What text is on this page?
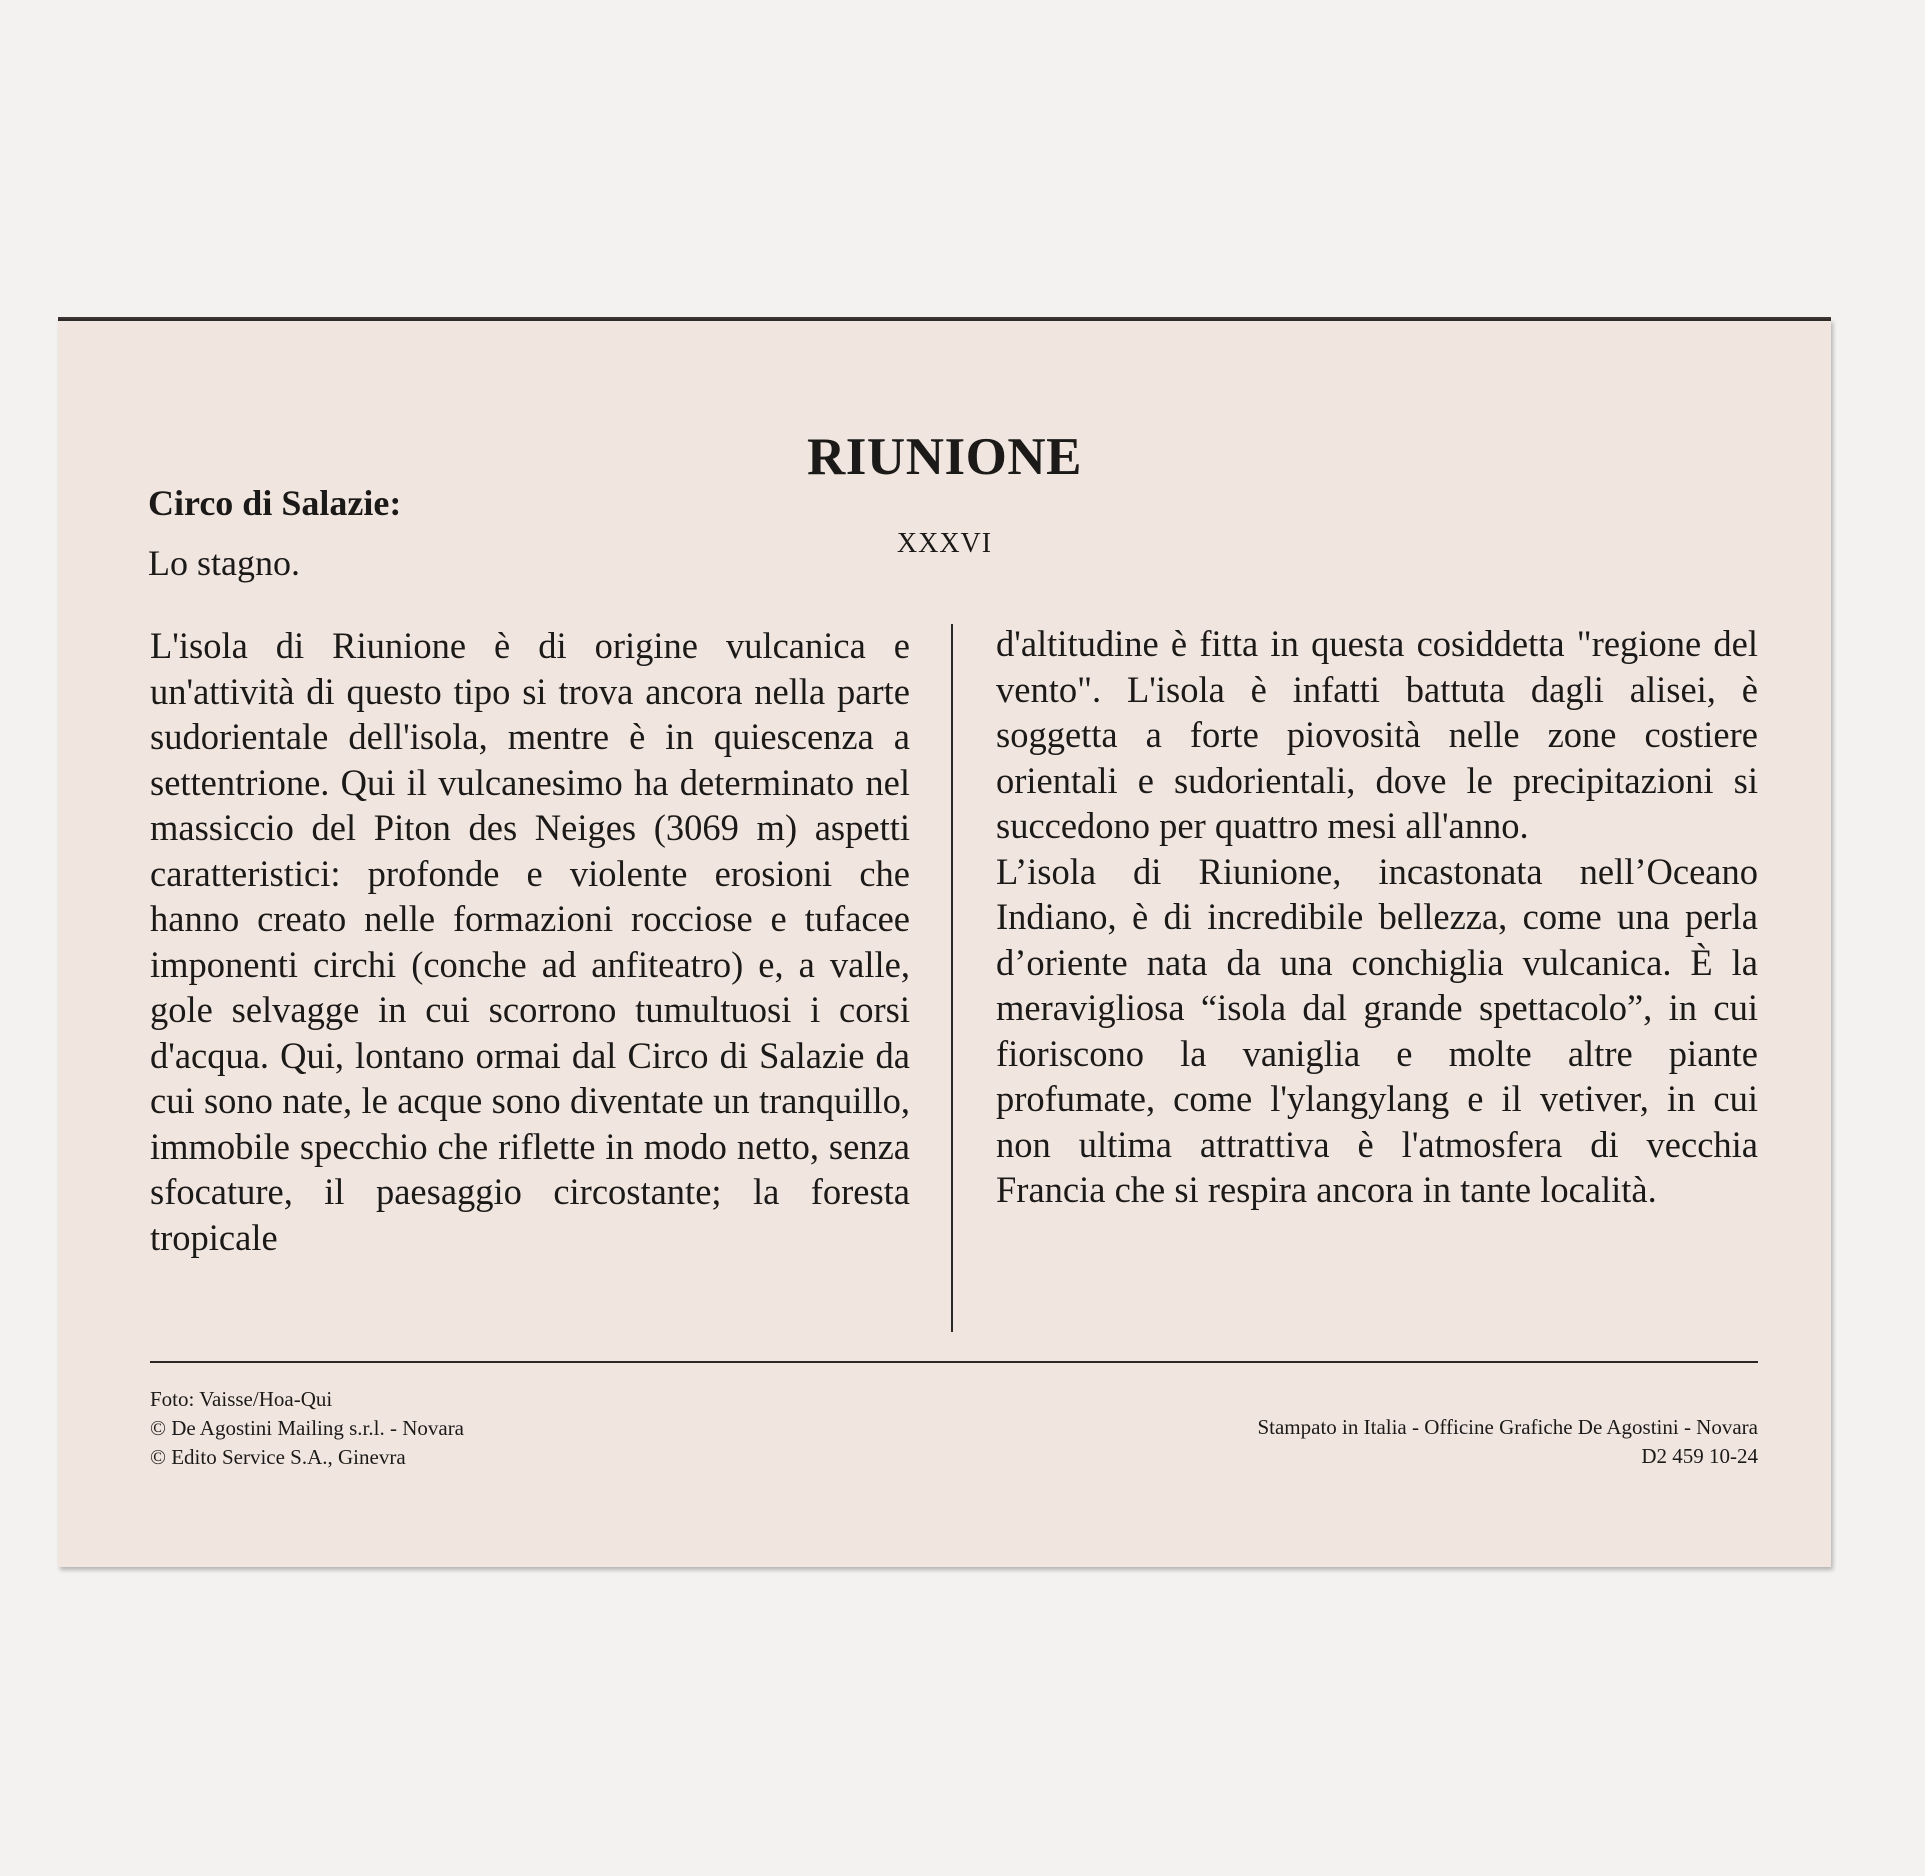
RIUNIONE
XXXVI
Circo di Salazie:
Lo stagno.

L'isola di Riunione è di origine vulcanica e un'attività di questo tipo si trova ancora nella parte sudorientale dell'isola, mentre è in quiescenza a settentrione. Qui il vulcanesimo ha determinato nel massiccio del Piton des Neiges (3069 m) aspetti caratteristici: profonde e violente erosioni che hanno creato nelle formazioni rocciose e tufacee imponenti circhi (conche ad anfiteatro) e, a valle, gole selvagge in cui scorrono tumultuosi i corsi d'acqua. Qui, lontano ormai dal Circo di Salazie da cui sono nate, le acque sono diventate un tranquillo, immobile specchio che riflette in modo netto, senza sfocature, il paesaggio circostante; la foresta tropicale

d'altitudine è fitta in questa cosiddetta "regione del vento". L'isola è infatti battuta dagli alisei, è soggetta a forte piovosità nelle zone costiere orientali e sudorientali, dove le precipitazioni si succedono per quattro mesi all'anno.

L’isola di Riunione, incastonata nell’Oceano Indiano, è di incredibile bellezza, come una perla d’oriente nata da una conchiglia vulcanica. È la meravigliosa “isola dal grande spettacolo”, in cui fioriscono la vaniglia e molte altre piante profumate, come l'ylangylang e il vetiver, in cui non ultima attrattiva è l'atmosfera di vecchia Francia che si respira ancora in tante località.

Foto: Vaisse/Hoa-Qui
© De Agostini Mailing s.r.l. - Novara
© Edito Service S.A., Ginevra
Stampato in Italia - Officine Grafiche De Agostini - Novara
D2 459 10-24
